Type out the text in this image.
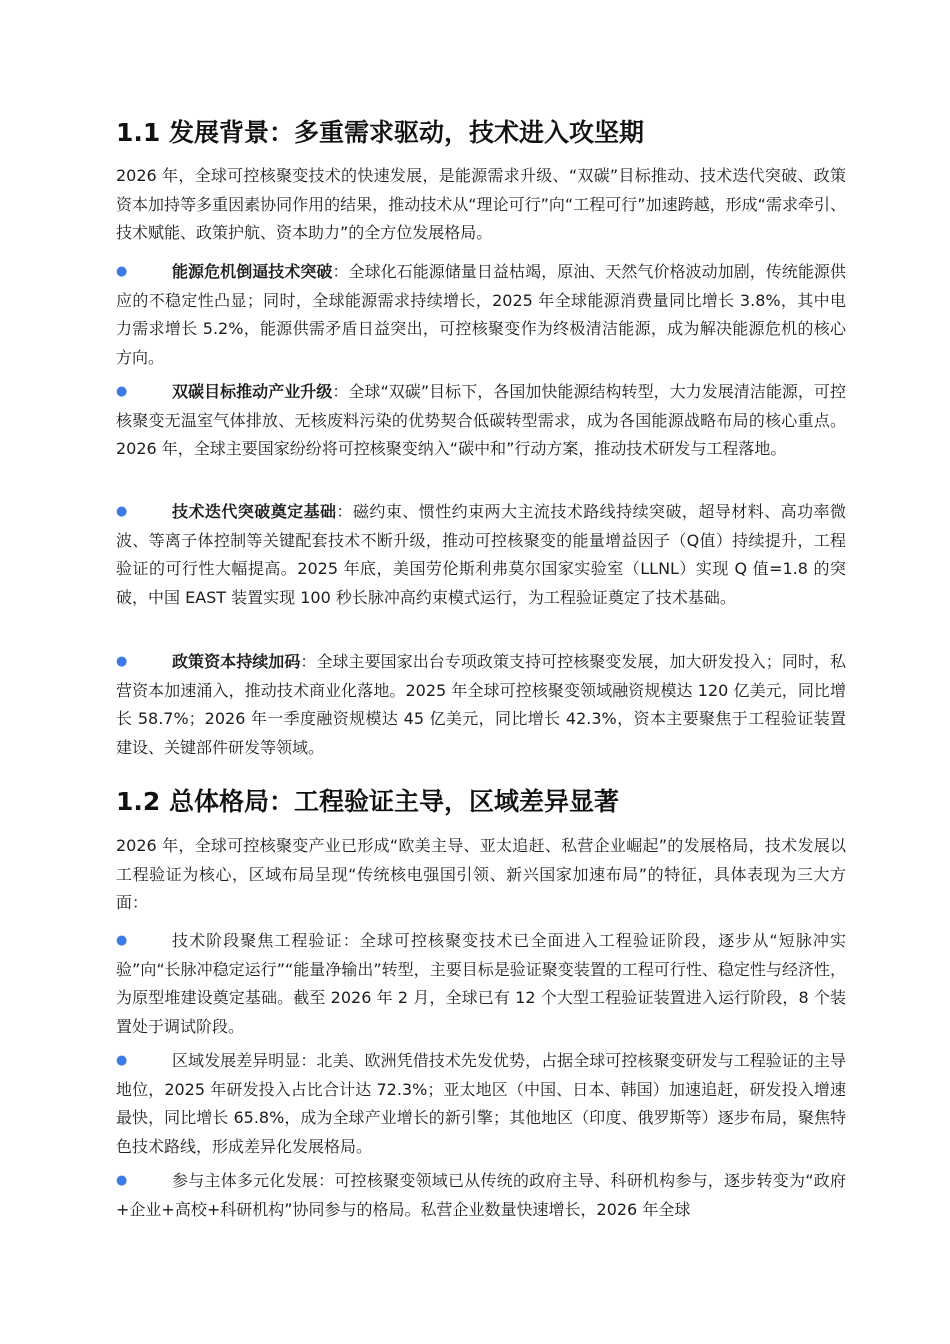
1.1 发展背景：多重需求驱动，技术进入攻坚期

2026 年，全球可控核聚变技术的快速发展，是能源需求升级、“双碳”目标推动、技术迭代突破、政策资本加持等多重因素协同作用的结果，推动技术从“理论可行”向“工程可行”加速跨越，形成“需求牵引、技术赋能、政策护航、资本助力”的全方位发展格局。

●	能源危机倒逼技术突破：全球化石能源储量日益枯竭，原油、天然气价格波动加剧，传统能源供应的不稳定性凸显；同时，全球能源需求持续增长，2025 年全球能源消费量同比增长 3.8%，其中电力需求增长 5.2%，能源供需矛盾日益突出，可控核聚变作为终极清洁能源，成为解决能源危机的核心方向。
●	双碳目标推动产业升级：全球“双碳”目标下，各国加快能源结构转型，大力发展清洁能源，可控核聚变无温室气体排放、无核废料污染的优势契合低碳转型需求，成为各国能源战略布局的核心重点。2026 年，全球主要国家纷纷将可控核聚变纳入“碳中和”行动方案，推动技术研发与工程落地。
●	技术迭代突破奠定基础：磁约束、惯性约束两大主流技术路线持续突破，超导材料、高功率微波、等离子体控制等关键配套技术不断升级，推动可控核聚变的能量增益因子（Q值）持续提升，工程验证的可行性大幅提高。2025 年底，美国劳伦斯利弗莫尔国家实验室（LLNL）实现 Q 值=1.8 的突破，中国 EAST 装置实现 100 秒长脉冲高约束模式运行，为工程验证奠定了技术基础。
●	政策资本持续加码：全球主要国家出台专项政策支持可控核聚变发展，加大研发投入；同时，私营资本加速涌入，推动技术商业化落地。2025 年全球可控核聚变领域融资规模达 120 亿美元，同比增长 58.7%；2026 年一季度融资规模达 45 亿美元，同比增长 42.3%，资本主要聚焦于工程验证装置建设、关键部件研发等领域。
1.2 总体格局：工程验证主导，区域差异显著

2026 年，全球可控核聚变产业已形成“欧美主导、亚太追赶、私营企业崛起”的发展格局，技术发展以工程验证为核心，区域布局呈现“传统核电强国引领、新兴国家加速布局”的特征，具体表现为三大方面：

●	技术阶段聚焦工程验证：全球可控核聚变技术已全面进入工程验证阶段，逐步从“短脉冲实验”向“长脉冲稳定运行”“能量净输出”转型，主要目标是验证聚变装置的工程可行性、稳定性与经济性，为原型堆建设奠定基础。截至 2026 年 2 月，全球已有 12 个大型工程验证装置进入运行阶段，8 个装置处于调试阶段。
●	区域发展差异明显：北美、欧洲凭借技术先发优势，占据全球可控核聚变研发与工程验证的主导地位，2025 年研发投入占比合计达 72.3%；亚太地区（中国、日本、韩国）加速追赶，研发投入增速最快，同比增长 65.8%，成为全球产业增长的新引擎；其他地区（印度、俄罗斯等）逐步布局，聚焦特色技术路线，形成差异化发展格局。
●	参与主体多元化发展：可控核聚变领域已从传统的政府主导、科研机构参与，逐步转变为“政府+企业+高校+科研机构”协同参与的格局。私营企业数量快速增长，2026 年全球
